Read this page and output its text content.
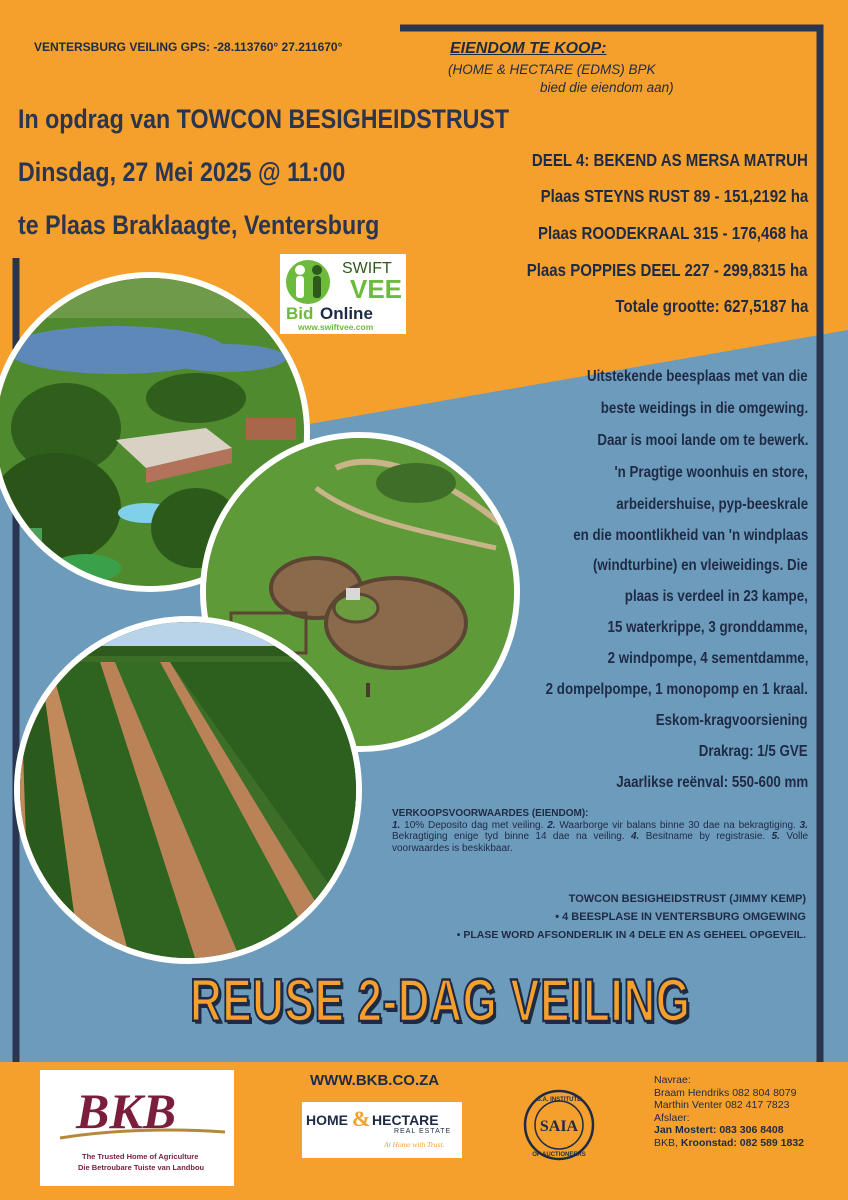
VENTERSBURG VEILING GPS: -28.113760° 27.211670°	EIENDOM TE KOOP:
(HOME & HECTARE (EDMS) BPK
bied die eiendom aan)
In opdrag van TOWCON BESIGHEIDSTRUST
Dinsdag, 27 Mei 2025 @ 11:00
te Plaas Braklaagte, Ventersburg
DEEL 4: BEKEND AS MERSA MATRUH
Plaas STEYNS RUST 89 - 151,2192 ha
Plaas ROODEKRAAL 315 - 176,468 ha
Plaas POPPIES DEEL 227 - 299,8315 ha
Totale grootte: 627,5187 ha
SWIFT
VEE
Bid Online
www.swiftvee.com
Uitstekende beesplaas met van die
beste weidings in die omgewing.
Daar is mooi lande om te bewerk.
'n Pragtige woonhuis en store,
arbeidershuise, pyp-beeskrale
en die moontlikheid van 'n windplaas
(windturbine) en vleiweidings. Die
plaas is verdeel in 23 kampe,
15 waterkrippe, 3 gronddamme,
2 windpompe, 4 sementdamme,
2 dompelpompe, 1 monopomp en 1 kraal.
Eskom-kragvoorsiening
Drakrag: 1/5 GVE
Jaarlikse reënval: 550-600 mm
VERKOOPSVOORWAARDES (EIENDOM):
1. 10% Deposito dag met veiling. 2. Waarborge vir balans binne 30 dae na bekragtiging. 3. Bekragtiging enige tyd binne 14 dae na veiling. 4. Besitname by registrasie. 5. Volle voorwaardes is beskikbaar.
TOWCON BESIGHEIDSTRUST (JIMMY KEMP)
• 4 BEESPLASE IN VENTERSBURG OMGEWING
• PLASE WORD AFSONDERLIK IN 4 DELE EN AS GEHEEL OPGEVEIL.
REUSE 2-DAG VEILING
WWW.BKB.CO.ZA
BKB
The Trusted Home of Agriculture
Die Betroubare Tuiste van Landbou
HOME & HECTARE
REAL ESTATE
At Home with Trust.
S.A. INSTITUTE
OF AUCTIONEERS
SAIA
Navrae:
Braam Hendriks 082 804 8079
Marthin Venter 082 417 7823
Afslaer:
Jan Mostert: 083 306 8408
BKB, Kroonstad: 082 589 1832
